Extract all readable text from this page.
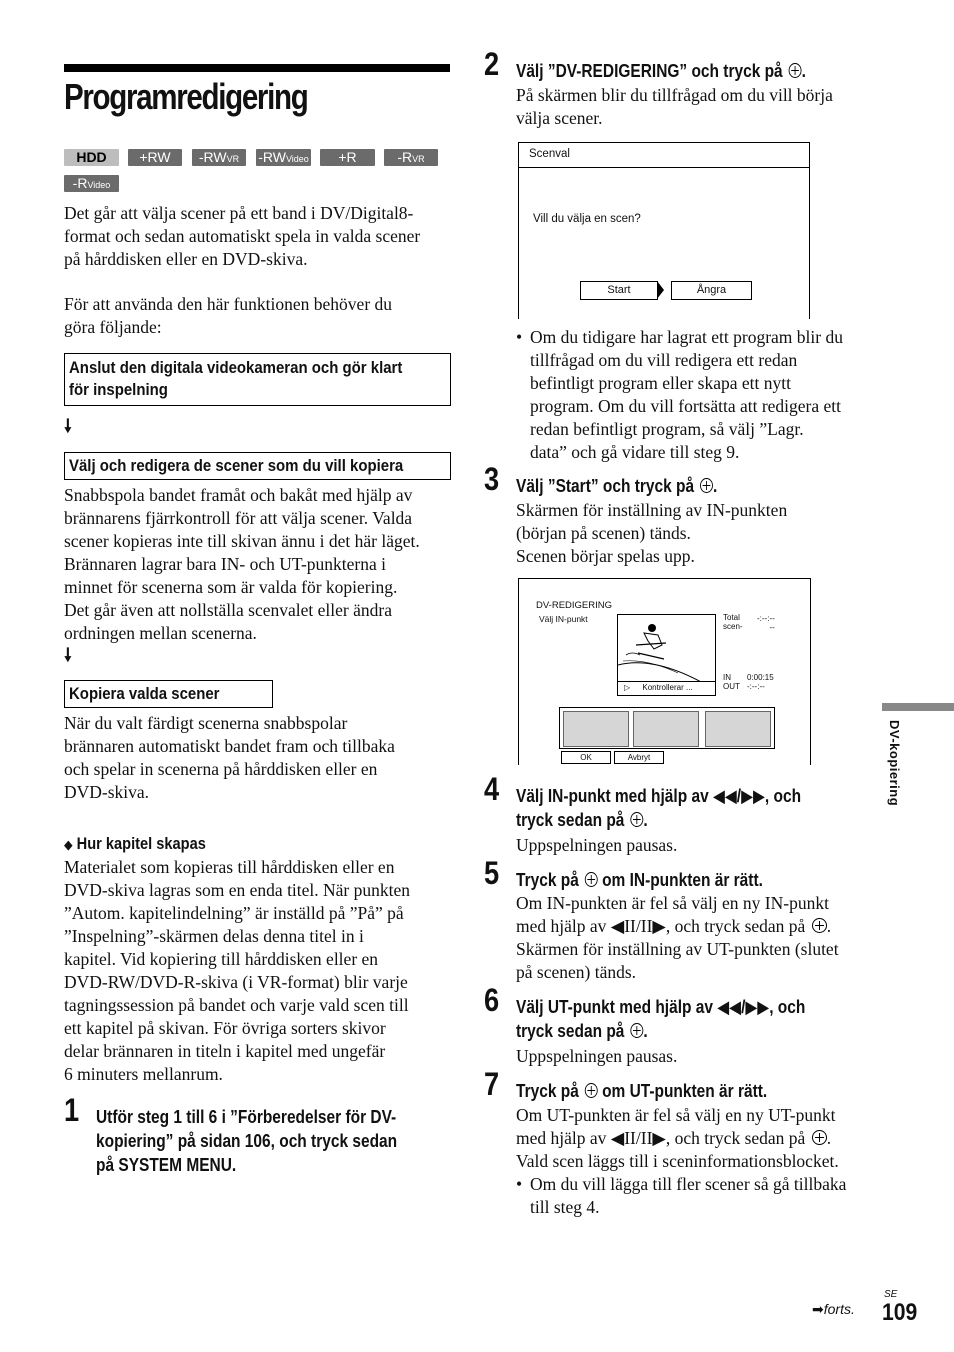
Programredigering
HDD	+RW	-RWVR	-RWVideo	+R	-RVR
-RVideo
Det går att välja scener på ett band i DV/Digital8-
format och sedan automatiskt spela in valda scener
på hårddisken eller en DVD-skiva.
För att använda den här funktionen behöver du
göra följande:
Anslut den digitala videokameran och gör klart
för inspelning
🠗
Välj och redigera de scener som du vill kopiera
Snabbspola bandet framåt och bakåt med hjälp av
brännarens fjärrkontroll för att välja scener. Valda
scener kopieras inte till skivan ännu i det här läget.
Brännaren lagrar bara IN- och UT-punkterna i
minnet för scenerna som är valda för kopiering.
Det går även att nollställa scenvalet eller ändra
ordningen mellan scenerna.
🠗
Kopiera valda scener
När du valt färdigt scenerna snabbspolar
brännaren automatiskt bandet fram och tillbaka
och spelar in scenerna på hårddisken eller en
DVD-skiva.
◆ Hur kapitel skapas
Materialet som kopieras till hårddisken eller en
DVD-skiva lagras som en enda titel. När punkten
”Autom. kapitelindelning” är inställd på ”På” på
”Inspelning”-skärmen delas denna titel in i
kapitel. Vid kopiering till hårddisken eller en
DVD-RW/DVD-R-skiva (i VR-format) blir varje
tagningssession på bandet och varje vald scen till
ett kapitel på skivan. För övriga sorters skivor
delar brännaren in titeln i kapitel med ungefär
6 minuters mellanrum.
1 Utför steg 1 till 6 i ”Förberedelser för DV-
kopiering” på sidan 106, och tryck sedan
på SYSTEM MENU.
2 Välj ”DV-REDIGERING” och tryck på .
På skärmen blir du tillfrågad om du vill börja
välja scener.
Scenval
Vill du välja en scen?
Start	Ångra
• Om du tidigare har lagrat ett program blir du
tillfrågad om du vill redigera ett redan
befintligt program eller skapa ett nytt
program. Om du vill fortsätta att redigera ett
redan befintligt program, så välj ”Lagr.
data” och gå vidare till steg 9.
3 Välj ”Start” och tryck på .
Skärmen för inställning av IN-punkten
(början på scenen) tänds.
Scenen börjar spelas upp.
DV-REDIGERING
Välj IN-punkt
▷ Kontrollerar ...
Total
scen-
-:--:--
--
IN
OUT
0:00:15
-:--:--
OK	Avbryt
4 Välj IN-punkt med hjälp av ◀◀/▶▶, och
tryck sedan på .
Uppspelningen pausas.
5 Tryck på om IN-punkten är rätt.
Om IN-punkten är fel så välj en ny IN-punkt
med hjälp av ◀II/II▶, och tryck sedan på .
Skärmen för inställning av UT-punkten (slutet
på scenen) tänds.
6 Välj UT-punkt med hjälp av ◀◀/▶▶, och
tryck sedan på .
Uppspelningen pausas.
7 Tryck på om UT-punkten är rätt.
Om UT-punkten är fel så välj en ny UT-punkt
med hjälp av ◀II/II▶, och tryck sedan på .
Vald scen läggs till i sceninformationsblocket.
• Om du vill lägga till fler scener så gå tillbaka
till steg 4.
DV-kopiering
➡forts.
SE
109
